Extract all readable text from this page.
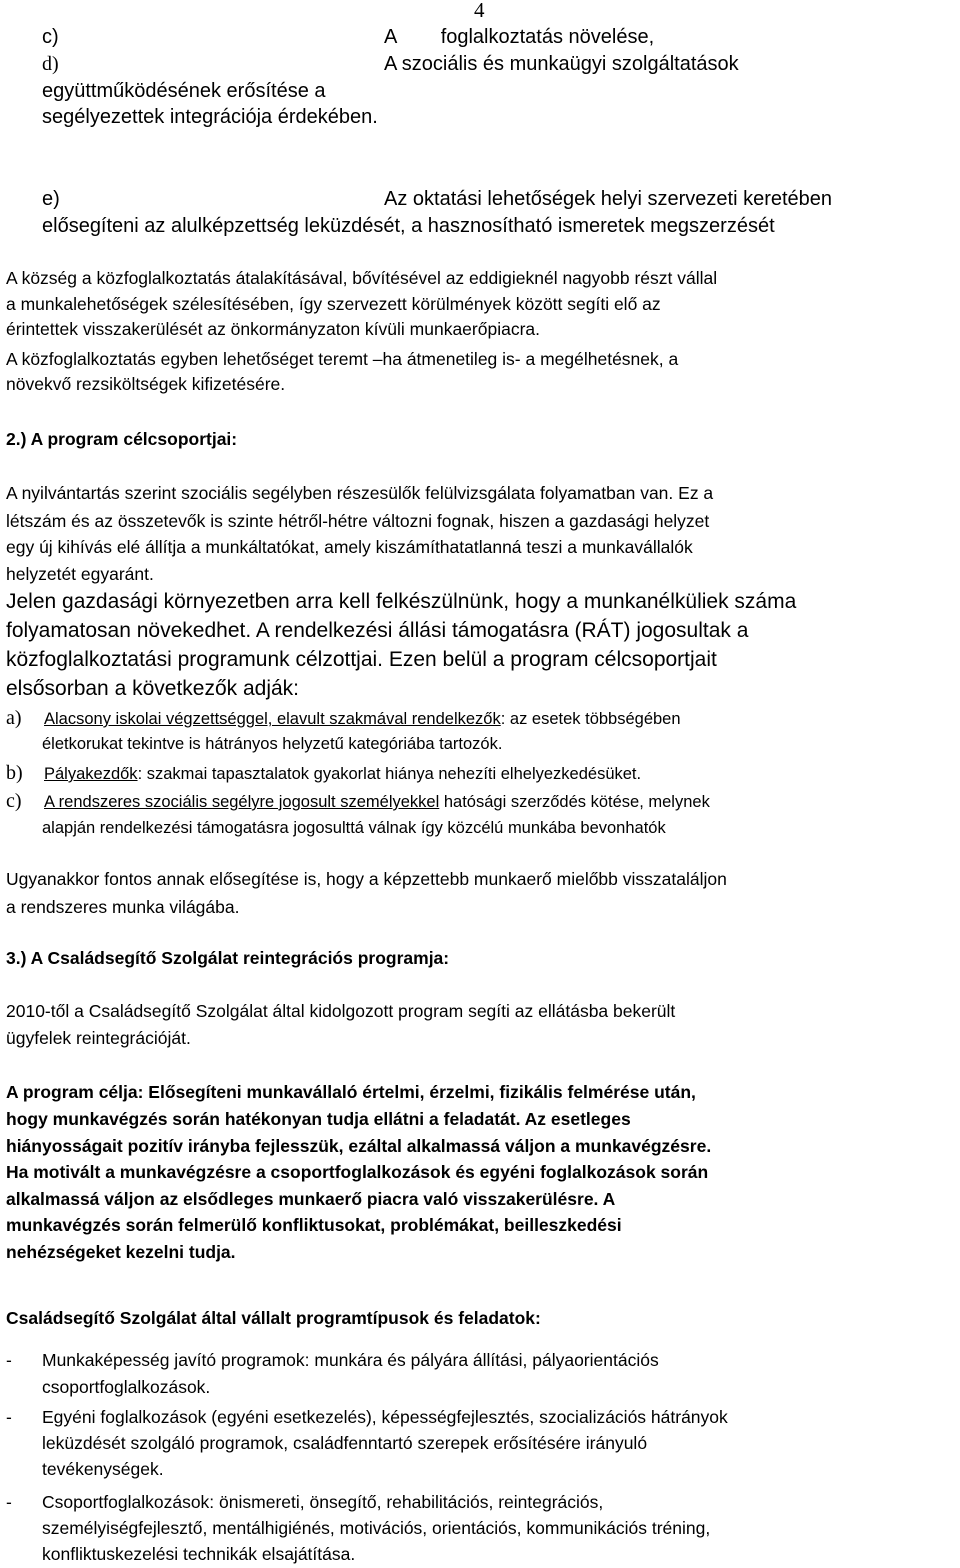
4
c)	A        foglalkoztatás növelése,
d)	A szociális és munkaügyi szolgáltatások
együttműködésének erősítése a
segélyezettek integrációja érdekében.
e)	Az oktatási lehetőségek helyi szervezeti keretében
elősegíteni az alulképzettség leküzdését, a hasznosítható ismeretek megszerzését
A község a közfoglalkoztatás átalakításával, bővítésével az eddigieknél nagyobb részt vállal
a munkalehetőségek szélesítésében, így szervezett körülmények között segíti elő az
érintettek visszakerülését az önkormányzaton kívüli munkaerőpiacra.
A közfoglalkoztatás egyben lehetőséget teremt –ha átmenetileg is- a megélhetésnek, a
növekvő rezsiköltségek kifizetésére.
2.) A program célcsoportjai:
A nyilvántartás szerint szociális segélyben részesülők felülvizsgálata folyamatban van. Ez a
létszám és az összetevők is szinte hétről-hétre változni fognak, hiszen a gazdasági helyzet
egy új kihívás elé állítja a munkáltatókat, amely kiszámíthatatlanná teszi a munkavállalók
helyzetét egyaránt.
Jelen gazdasági környezetben arra kell felkészülnünk, hogy a munkanélküliek száma
folyamatosan növekedhet. A rendelkezési állási támogatásra (RÁT) jogosultak a
közfoglalkoztatási programunk célzottjai. Ezen belül a program célcsoportjait
elsősorban a következők adják:
a) Alacsony iskolai végzettséggel, elavult szakmával rendelkezők: az esetek többségében
életkorukat tekintve is hátrányos helyzetű kategóriába tartozók.
b) Pályakezdők: szakmai tapasztalatok gyakorlat hiánya nehezíti elhelyezkedésüket.
c) A rendszeres szociális segélyre jogosult személyekkel hatósági szerződés kötése, melynek
alapján rendelkezési támogatásra jogosulttá válnak így közcélú munkába bevonhatók
Ugyanakkor fontos annak elősegítése is, hogy a képzettebb munkaerő mielőbb visszataláljon
a rendszeres munka világába.
3.) A Családsegítő Szolgálat reintegrációs programja:
2010-től a Családsegítő Szolgálat által kidolgozott program segíti az ellátásba bekerült
ügyfelek reintegrációját.
A program célja: Elősegíteni munkavállaló értelmi, érzelmi, fizikális felmérése után,
hogy munkavégzés során hatékonyan tudja ellátni a feladatát. Az esetleges
hiányosságait pozitív irányba fejlesszük, ezáltal alkalmassá váljon a munkavégzésre.
Ha motivált a munkavégzésre a csoportfoglalkozások és egyéni foglalkozások során
alkalmassá váljon az elsődleges munkaerő piacra való visszakerülésre. A
munkavégzés során felmerülő konfliktusokat, problémákat, beilleszkedési
nehézségeket kezelni tudja.
Családsegítő Szolgálat által vállalt programtípusok és feladatok:
- Munkaképesség javító programok: munkára és pályára állítási, pályaorientációs
csoportfoglalkozások.
- Egyéni foglalkozások (egyéni esetkezelés), képességfejlesztés, szocializációs hátrányok
leküzdését szolgáló programok, családfenntartó szerepek erősítésére irányuló
tevékenységek.
- Csoportfoglalkozások: önismereti, önsegítő, rehabilitációs, reintegrációs,
személyiségfejlesztő, mentálhigiénés, motivációs, orientációs, kommunikációs tréning,
konfliktuskezelési technikák elsajátítása.
